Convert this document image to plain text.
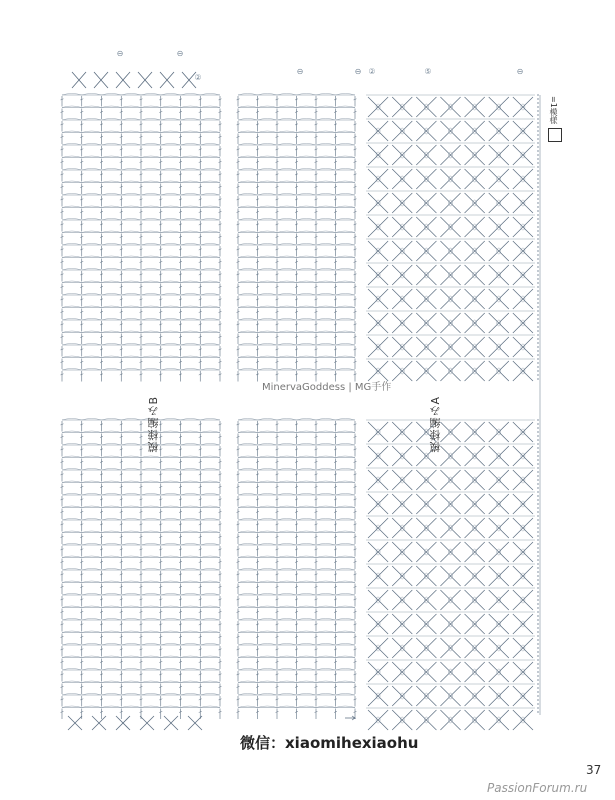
⊖	⊖
②
⊖	⊖ ②	⑤	⊖
模様編みB	模様編みA
MinervaGoddess | MG手作
微信：xiaomihexiaohu
37
PassionForum.ru
=1模様
